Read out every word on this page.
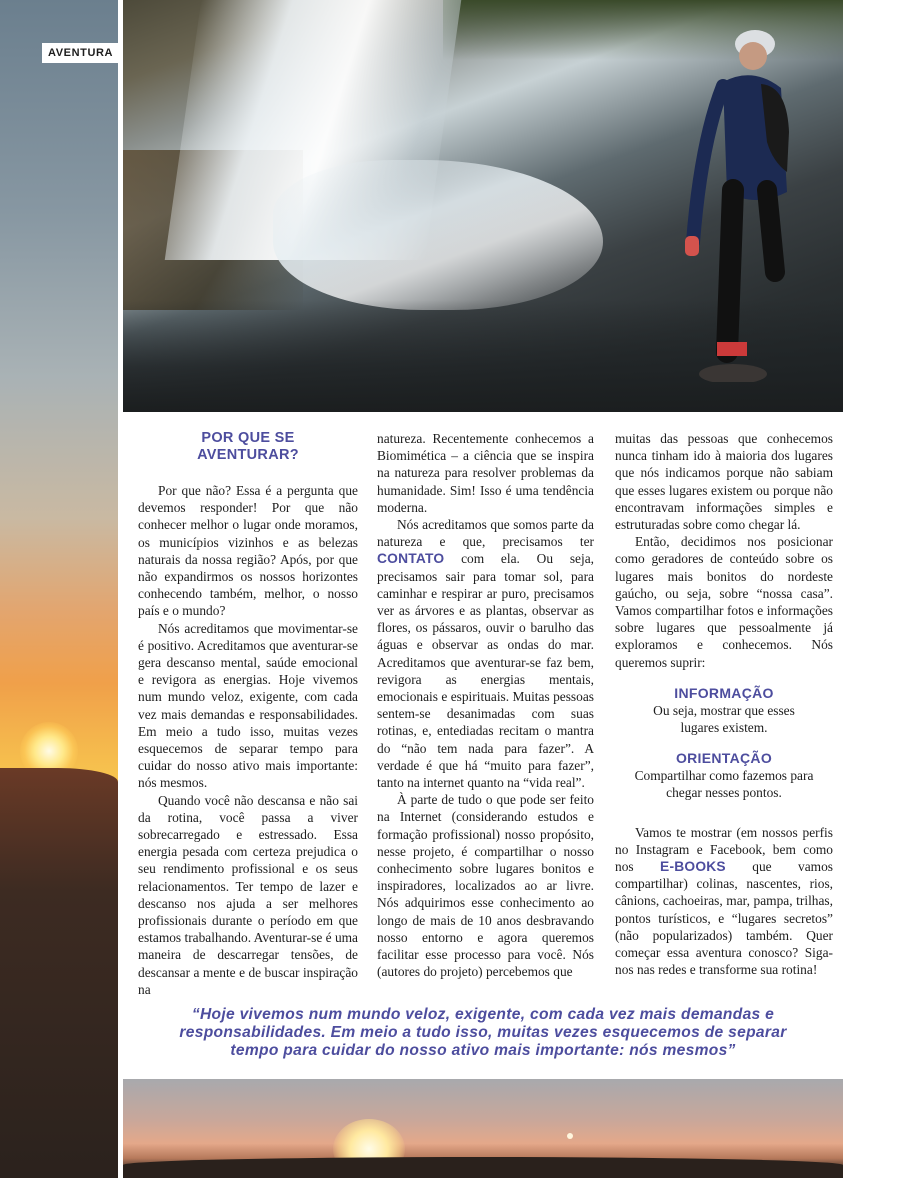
AVENTURA
POR QUE SE
AVENTURAR?

Por que não? Essa é a pergunta que devemos responder! Por que não conhecer melhor o lugar onde moramos, os municípios vizinhos e as belezas naturais da nossa região? Após, por que não expandirmos os nossos horizontes conhecendo também, melhor, o nosso país e o mundo?

Nós acreditamos que movimentar-se é positivo. Acreditamos que aventurar-se gera descanso mental, saúde emocional e revigora as energias. Hoje vivemos num mundo veloz, exigente, com cada vez mais demandas e responsabilidades. Em meio a tudo isso, muitas vezes esquecemos de separar tempo para cuidar do nosso ativo mais importante: nós mesmos.

Quando você não descansa e não sai da rotina, você passa a viver sobrecarregado e estressado. Essa energia pesada com certeza prejudica o seu rendimento profissional e os seus relacionamentos. Ter tempo de lazer e descanso nos ajuda a ser melhores profissionais durante o período em que estamos trabalhando. Aventurar-se é uma maneira de descarregar tensões, de descansar a mente e de buscar inspiração na

natureza. Recentemente conhecemos a Biomimética – a ciência que se inspira na natureza para resolver problemas da humanidade. Sim! Isso é uma tendência moderna.

Nós acreditamos que somos parte da natureza e que, precisamos ter CONTATO com ela. Ou seja, precisamos sair para tomar sol, para caminhar e respirar ar puro, precisamos ver as árvores e as plantas, observar as flores, os pássaros, ouvir o barulho das águas e observar as ondas do mar. Acreditamos que aventurar-se faz bem, revigora as energias mentais, emocionais e espirituais. Muitas pessoas sentem-se desanimadas com suas rotinas, e, entediadas recitam o mantra do “não tem nada para fazer”. A verdade é que há “muito para fazer”, tanto na internet quanto na “vida real”.

À parte de tudo o que pode ser feito na Internet (considerando estudos e formação profissional) nosso propósito, nesse projeto, é compartilhar o nosso conhecimento sobre lugares bonitos e inspiradores, localizados ao ar livre. Nós adquirimos esse conhecimento ao longo de mais de 10 anos desbravando nosso entorno e agora queremos facilitar esse processo para você. Nós (autores do projeto) percebemos que

muitas das pessoas que conhecemos nunca tinham ido à maioria dos lugares que nós indicamos porque não sabiam que esses lugares existem ou porque não encontravam informações simples e estruturadas sobre como chegar lá.

Então, decidimos nos posicionar como geradores de conteúdo sobre os lugares mais bonitos do nordeste gaúcho, ou seja, sobre “nossa casa”. Vamos compartilhar fotos e informações sobre lugares que pessoalmente já exploramos e conhecemos. Nós queremos suprir:

INFORMAÇÃO

Ou seja, mostrar que esses lugares existem.

ORIENTAÇÃO

Compartilhar como fazemos para chegar nesses pontos.

Vamos te mostrar (em nossos perfis no Instagram e Facebook, bem como nos E-BOOKS que vamos compartilhar) colinas, nascentes, rios, cânions, cachoeiras, mar, pampa, trilhas, pontos turísticos, e “lugares secretos” (não popularizados) também. Quer começar essa aventura conosco? Siga-nos nas redes e transforme sua rotina!

“Hoje vivemos num mundo veloz, exigente, com cada vez mais demandas e
responsabilidades. Em meio a tudo isso, muitas vezes esquecemos de separar
tempo para cuidar do nosso ativo mais importante: nós mesmos”
